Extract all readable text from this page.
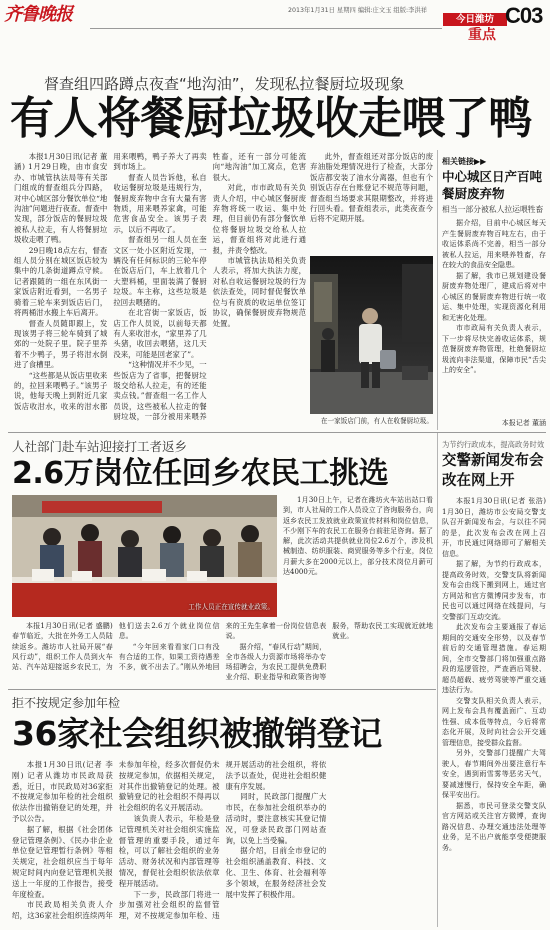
齐鲁晚报	2013年1月31日 星期四 编辑:庄文玉 组版:李洪祥
今日潍坊
重点
C03
督查组四路蹲点夜查“地沟油”，发现私拉餐厨垃圾现象
有人将餐厨垃圾收走喂了鸭

本报1月30日讯(记者 董涵) 1月29日晚，由市食安办、市城管执法局等有关部门组成的督查组兵分四路，对中心城区部分餐饮单位“地沟油”问题进行夜查。督查中发现，部分饭店的餐厨垃圾被私人拉走，有人将餐厨垃圾收走喂了鸭。

29日晚18点左右，督查组人员分别在城区饭店较为集中的几条街道蹲点守候。记者跟随的一组在东风街一家饭店附近看到，一名男子骑着三轮车来到饭店后门，将两桶泔水搬上车后离开。

督查人员随即跟上，发现该男子将三轮车骑到了城郊的一处院子里。院子里养着不少鸭子，男子将泔水倒进了食槽里。

“这些都是从饭店里收来的，拉回来喂鸭子。”该男子说，他每天晚上到附近几家饭店收泔水，收来的泔水都用来喂鸭，鸭子养大了再卖到市场上。

督查人员告诉他，私自收运餐厨垃圾是违规行为，餐厨废弃物中含有大量有害物质，用来喂养家禽，可能危害食品安全。该男子表示，以后不再收了。

督查组另一组人员在奎文区一处小区附近发现，一辆没有任何标识的三轮车停在饭店后门，车上放着几个大塑料桶，里面装满了餐厨垃圾。车主称，这些垃圾是拉回去喂猪的。

在北宫街一家饭店，饭店工作人员说，以前每天都有人来收泔水，“家里养了几头猪，收回去喂猪，这几天没来，可能是回老家了”。

“这种情况并不少见，一些饭店为了省事，把餐厨垃圾交给私人拉走，有的还能卖点钱。”督查组一名工作人员说，这些被私人拉走的餐厨垃圾，一部分被用来喂养牲畜，还有一部分可能流向“地沟油”加工窝点，危害很大。

对此，市市政局有关负责人介绍，中心城区餐厨废弃物将统一收运、集中处理，但目前仍有部分餐饮单位将餐厨垃圾交给私人拉运，督查组将对此进行通报，并责令整改。

市城管执法局相关负责人表示，将加大执法力度，对私自收运餐厨垃圾的行为依法查处，同时督促餐饮单位与有资质的收运单位签订协议，确保餐厨废弃物规范处置。

此外，督查组还对部分饭店的废弃油脂处理情况进行了检查，大部分饭店都安装了油水分离器，但也有个别饭店存在台账登记不规范等问题，督查组当场要求其限期整改，并将进行回头看。督查组表示，此类夜查今后将不定期开展。

在一家饭店门前，有人在收餐厨垃圾。
相关链接▶▶
中心城区日产百吨
餐厨废弃物
相当一部分被私人拉运喂牲畜

据介绍，目前中心城区每天产生餐厨废弃物百吨左右，由于收运体系尚不完善，相当一部分被私人拉运，用来喂养牲畜，存在较大的食品安全隐患。

据了解，我市已规划建设餐厨废弃物处理厂，建成后将对中心城区的餐厨废弃物进行统一收运、集中处理，实现资源化利用和无害化处理。

市市政局有关负责人表示，下一步将尽快完善收运体系，规范餐厨废弃物管理，杜绝餐厨垃圾流向非法渠道，保障市民“舌尖上的安全”。

本报记者 董涵
人社部门赴车站迎接打工者返乡
2.6万岗位任回乡农民工挑选
工作人员正在宣传就业政策。

1月30日上午，记者在潍坊火车站出站口看到，市人社局的工作人员设立了咨询服务台，向返乡农民工发放就业政策宣传材料和岗位信息，不少刚下车的农民工在服务台前驻足咨询。据了解，此次活动共提供就业岗位2.6万个，涉及机械制造、纺织服装、商贸服务等多个行业，岗位月薪大多在2000元以上，部分技术岗位月薪可达4000元。

本报1月30日讯(记者 盛鹏) 春节临近，大批在外务工人员陆续返乡。潍坊市人社局开展“春风行动”，组织工作人员到火车站、汽车站迎接返乡农民工，为他们送去2.6万个就业岗位信息。

“今年回来看看家门口有没有合适的工作，如果工资待遇差不多，就不出去了。”刚从外地回来的王先生拿着一份岗位信息表说。

据介绍，“春风行动”期间，全市各级人力资源市场将举办专场招聘会，为农民工提供免费职业介绍、职业指导和政策咨询等服务，帮助农民工实现就近就地就业。

为节约行政成本，提高政务时效
交警新闻发布会
改在网上开

本报1月30日讯(记者 张浩) 1月30日，潍坊市公安局交警支队召开新闻发布会，与以往不同的是，此次发布会改在网上召开，市民通过网络即可了解相关信息。

据了解，为节约行政成本，提高政务时效，交警支队将新闻发布会由线下搬到网上，通过官方网站和官方微博同步发布，市民也可以通过网络在线提问，与交警部门互动交流。

此次发布会主要通报了春运期间的交通安全形势，以及春节前后的交通管理措施。春运期间，全市交警部门将加强重点路段的巡逻管控，严查酒后驾驶、超员超载、疲劳驾驶等严重交通违法行为。

交警支队相关负责人表示，网上发布会具有覆盖面广、互动性强、成本低等特点，今后将常态化开展，及时向社会公开交通管理信息，接受群众监督。

另外，交警部门提醒广大驾驶人，春节期间外出要注意行车安全，遇到雨雪雾等恶劣天气，要减速慢行，保持安全车距，确保平安出行。

据悉，市民可登录交警支队官方网站或关注官方微博，查询路况信息、办理交通违法处理等业务，足不出户就能享受便捷服务。

拒不按规定参加年检
36家社会组织被撤销登记

本报1月30日讯(记者 李刚) 记者从潍坊市民政局获悉，近日，市民政局对36家拒不按规定参加年检的社会组织依法作出撤销登记的处理，并予以公告。

据了解，根据《社会团体登记管理条例》、《民办非企业单位登记管理暂行条例》等相关规定，社会组织应当于每年规定时间内向登记管理机关报送上一年度的工作报告，接受年度检查。

市民政局相关负责人介绍，这36家社会组织连续两年未参加年检，经多次督促仍未按规定参加，依据相关规定，对其作出撤销登记的处理。被撤销登记的社会组织不得再以社会组织的名义开展活动。

该负责人表示，年检是登记管理机关对社会组织实施监督管理的重要手段，通过年检，可以了解社会组织的业务活动、财务状况和内部管理等情况，督促社会组织依法依章程开展活动。

下一步，民政部门将进一步加强对社会组织的监督管理，对不按规定参加年检、违规开展活动的社会组织，将依法予以查处，促进社会组织健康有序发展。

同时，民政部门提醒广大市民，在参加社会组织举办的活动时，要注意核实其登记情况，可登录民政部门网站查询，以免上当受骗。

据介绍，目前全市登记的社会组织涵盖教育、科技、文化、卫生、体育、社会福利等多个领域，在服务经济社会发展中发挥了积极作用。
